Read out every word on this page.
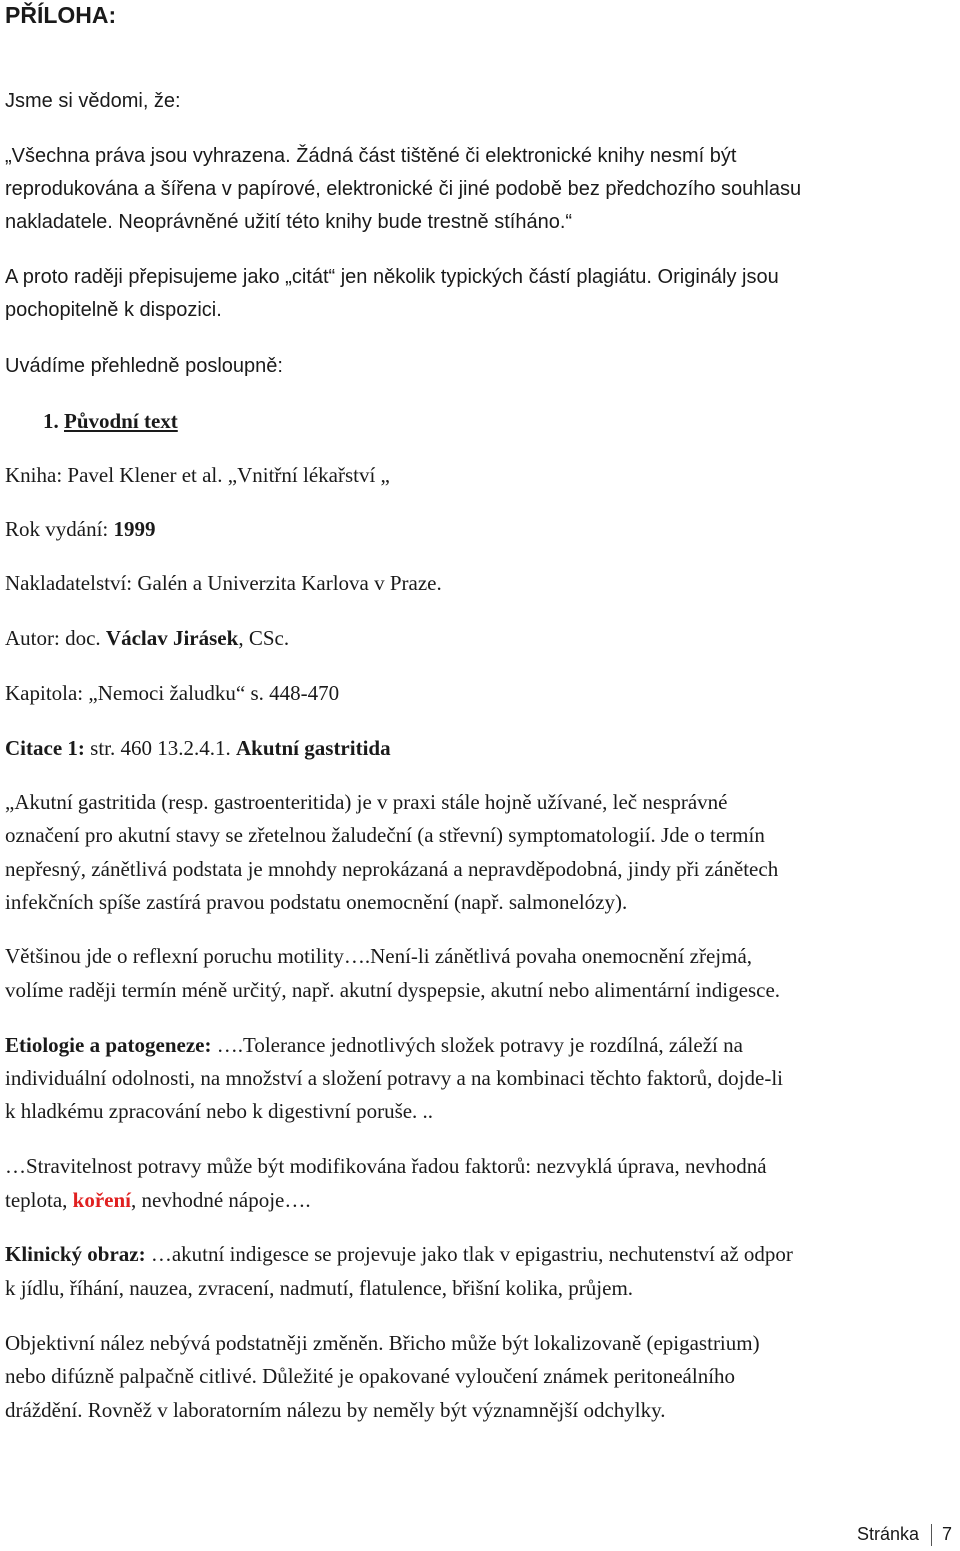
PŘÍLOHA:
Jsme si vědomi, že:
„Všechna práva jsou vyhrazena. Žádná část tištěné či elektronické knihy nesmí být
reprodukována a šířena v papírové, elektronické či jiné podobě bez předchozího souhlasu
nakladatele. Neoprávněné užití této knihy bude trestně stíháno.“
A proto raději přepisujeme jako „citát“ jen několik typických částí plagiátu. Originály jsou
pochopitelně k dispozici.
Uvádíme přehledně posloupně:
1. Původní text
Kniha: Pavel Klener et al. „Vnitřní lékařství „
Rok vydání: 1999
Nakladatelství: Galén a Univerzita Karlova v Praze.
Autor: doc. Václav Jirásek, CSc.
Kapitola: „Nemoci žaludku“ s. 448-470
Citace 1: str. 460 13.2.4.1. Akutní gastritida
„Akutní gastritida (resp. gastroenteritida) je v praxi stále hojně užívané, leč nesprávné
označení pro akutní stavy se zřetelnou žaludeční (a střevní) symptomatologií. Jde o termín
nepřesný, zánětlivá podstata je mnohdy neprokázaná a nepravděpodobná, jindy při zánětech
infekčních spíše zastírá pravou podstatu onemocnění (např. salmonelózy).
Většinou jde o reflexní poruchu motility….Není-li zánětlivá povaha onemocnění zřejmá,
volíme raději termín méně určitý, např. akutní dyspepsie, akutní nebo alimentární indigesce.
Etiologie a patogeneze: ….Tolerance jednotlivých složek potravy je rozdílná, záleží na
individuální odolnosti, na množství a složení potravy a na kombinaci těchto faktorů, dojde-li
k hladkému zpracování nebo k digestivní poruše. ..
…Stravitelnost potravy může být modifikována řadou faktorů: nezvyklá úprava, nevhodná
teplota, koření, nevhodné nápoje….
Klinický obraz: …akutní indigesce se projevuje jako tlak v epigastriu, nechutenství až odpor
k jídlu, říhání, nauzea, zvracení, nadmutí, flatulence, břišní kolika, průjem.
Objektivní nález nebývá podstatněji změněn. Břicho může být lokalizovaně (epigastrium)
nebo difúzně palpačně citlivé. Důležité je opakované vyloučení známek peritoneálního
dráždění. Rovněž v laboratorním nálezu by neměly být významnější odchylky.
Stránka 7
